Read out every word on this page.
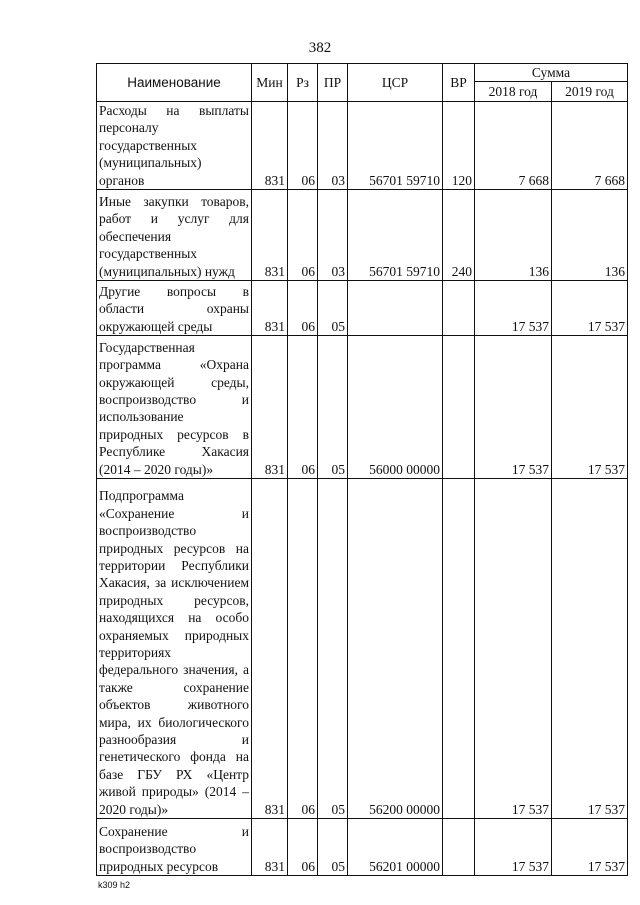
382
Наименование	Мин	Рз	ПР	ЦСР	ВР	Сумма	
						2018 год	2019 год
Расходы на выплаты персоналу государственных (муниципальных) органов	831	06	03	56701 59710	120	7 668	7 668
Иные закупки товаров, работ и услуг для обеспечения государственных (муниципальных) нужд	831	06	03	56701 59710	240	136	136
Другие вопросы в области охраны окружающей среды	831	06	05			17 537	17 537
Государственная программа «Охрана окружающей среды, воспроизводство и использование природных ресурсов в Республике Хакасия (2014 – 2020 годы)»	831	06	05	56000 00000		17 537	17 537
Подпрограмма «Сохранение и воспроизводство природных ресурсов на территории Республики Хакасия, за исключением природных ресурсов, находящихся на особо охраняемых природных территориях федерального значения, а также сохранение объектов животного мира, их биологического разнообразия и генетического фонда на базе ГБУ РХ «Центр живой природы» (2014 – 2020 годы)»	831	06	05	56200 00000		17 537	17 537
Сохранение и воспроизводство природных ресурсов	831	06	05	56201 00000		17 537	17 537
k309 h2
